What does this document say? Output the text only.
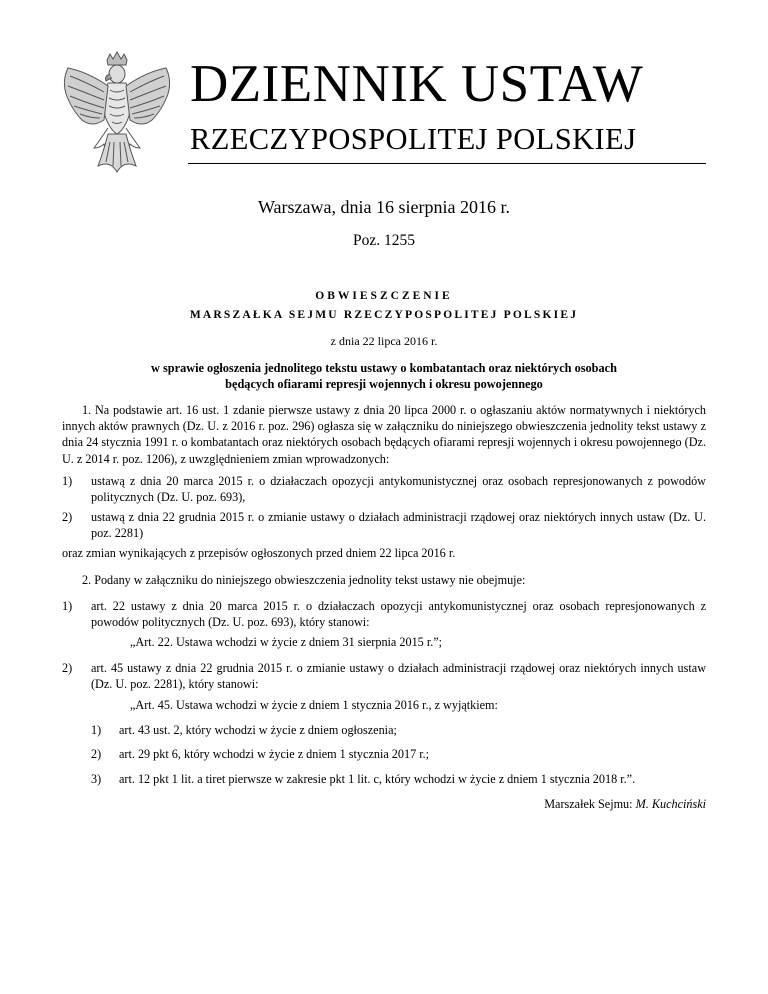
DZIENNIK USTAW
RZECZYPOSPOLITEJ POLSKIEJ
Warszawa, dnia 16 sierpnia 2016 r.
Poz. 1255
OBWIESZCZENIE
MARSZAŁKA SEJMU RZECZYPOSPOLITEJ POLSKIEJ
z dnia 22 lipca 2016 r.
w sprawie ogłoszenia jednolitego tekstu ustawy o kombatantach oraz niektórych osobach będących ofiarami represji wojennych i okresu powojennego
1. Na podstawie art. 16 ust. 1 zdanie pierwsze ustawy z dnia 20 lipca 2000 r. o ogłaszaniu aktów normatywnych i niektórych innych aktów prawnych (Dz. U. z 2016 r. poz. 296) ogłasza się w załączniku do niniejszego obwieszczenia jednolity tekst ustawy z dnia 24 stycznia 1991 r. o kombatantach oraz niektórych osobach będących ofiarami represji wojennych i okresu powojennego (Dz. U. z 2014 r. poz. 1206), z uwzględnieniem zmian wprowadzonych:
1) ustawą z dnia 20 marca 2015 r. o działaczach opozycji antykomunistycznej oraz osobach represjonowanych z powodów politycznych (Dz. U. poz. 693),
2) ustawą z dnia 22 grudnia 2015 r. o zmianie ustawy o działach administracji rządowej oraz niektórych innych ustaw (Dz. U. poz. 2281)
oraz zmian wynikających z przepisów ogłoszonych przed dniem 22 lipca 2016 r.
2. Podany w załączniku do niniejszego obwieszczenia jednolity tekst ustawy nie obejmuje:
1) art. 22 ustawy z dnia 20 marca 2015 r. o działaczach opozycji antykomunistycznej oraz osobach represjonowanych z powodów politycznych (Dz. U. poz. 693), który stanowi:
„Art. 22. Ustawa wchodzi w życie z dniem 31 sierpnia 2015 r.”;
2) art. 45 ustawy z dnia 22 grudnia 2015 r. o zmianie ustawy o działach administracji rządowej oraz niektórych innych ustaw (Dz. U. poz. 2281), który stanowi:
„Art. 45. Ustawa wchodzi w życie z dniem 1 stycznia 2016 r., z wyjątkiem:
1) art. 43 ust. 2, który wchodzi w życie z dniem ogłoszenia;
2) art. 29 pkt 6, który wchodzi w życie z dniem 1 stycznia 2017 r.;
3) art. 12 pkt 1 lit. a tiret pierwsze w zakresie pkt 1 lit. c, który wchodzi w życie z dniem 1 stycznia 2018 r.”.
Marszałek Sejmu: M. Kuchciński
